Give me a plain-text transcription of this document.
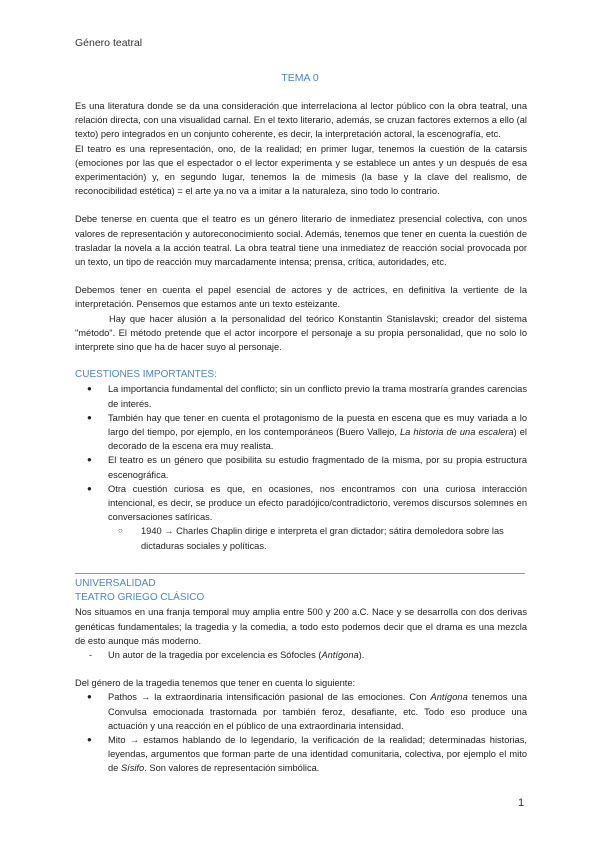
Género teatral
TEMA 0

Es una literatura donde se da una consideración que interrelaciona al lector público con la obra teatral, una relación directa, con una visualidad carnal. En el texto literario, además, se cruzan factores externos a ello (al texto) pero integrados en un conjunto coherente, es decir, la interpretación actoral, la escenografía, etc.

El teatro es una representación, ono, de la realidad; en primer lugar, tenemos la cuestión de la catarsis (emociones por las que el espectador o el lector experimenta y se establece un antes y un después de esa experimentación) y, en segundo lugar, tenemos la de mimesis (la base y la clave del realismo, de reconocibilidad estética) = el arte ya no va a imitar a la naturaleza, sino todo lo contrario.

Debe tenerse en cuenta que el teatro es un género literario de inmediatez presencial colectiva, con unos valores de representación y autoreconocimiento social. Además, tenemos que tener en cuenta la cuestión de trasladar la novela a la acción teatral. La obra teatral tiene una inmediatez de reacción social provocada por un texto, un tipo de reacción muy marcadamente intensa; prensa, crítica, autoridades, etc.

Debemos tener en cuenta el papel esencial de actores y de actrices, en definitiva la vertiente de la interpretación. Pensemos que estamos ante un texto esteizante.

Hay que hacer alusión a la personalidad del teórico Konstantin Stanislavski; creador del sistema "método". El método pretende que el actor incorpore el personaje a su propia personalidad, que no solo lo interprete sino que ha de hacer suyo al personaje.

CUESTIONES IMPORTANTES:

● La importancia fundamental del conflicto; sin un conflicto previo la trama mostraría grandes carencias de interés.
● También hay que tener en cuenta el protagonismo de la puesta en escena que es muy variada a lo largo del tiempo, por ejemplo, en los contemporáneos (Buero Vallejo, La historia de una escalera) el decorado de la escena era muy realista.
● El teatro es un género que posibilita su estudio fragmentado de la misma, por su propia estructura escenográfica.
● Otra cuestión curiosa es que, en ocasiones, nos encontramos con una curiosa interacción intencional, es decir, se produce un efecto paradójico/contradictorio, veremos discursos solemnes en conversaciones satíricas.
○ 1940 → Charles Chaplin dirige e interpreta el gran dictador; sátira demoledora sobre las dictaduras sociales y políticas.

UNIVERSALIDAD

TEATRO GRIEGO CLÁSICO

Nos situamos en una franja temporal muy amplia entre 500 y 200 a.C. Nace y se desarrolla con dos derivas genéticas fundamentales; la tragedia y la comedia, a todo esto podemos decir que el drama es una mezcla de esto aunque más moderno.

- Un autor de la tragedia por excelencia es Sófocles (Antígona).

Del género de la tragedia tenemos que tener en cuenta lo siguiente:

● Pathos → la extraordinaria intensificación pasional de las emociones. Con Antígona tenemos una Convulsa emocionada trastornada por también feroz, desafiante, etc. Todo eso produce una actuación y una reacción en el público de una extraordinaria intensidad.
● Mito → estamos hablando de lo legendario, la verificación de la realidad; determinadas historias, leyendas, argumentos que forman parte de una identidad comunitaria, colectiva, por ejemplo el mito de Sísifo. Son valores de representación simbólica.
1
